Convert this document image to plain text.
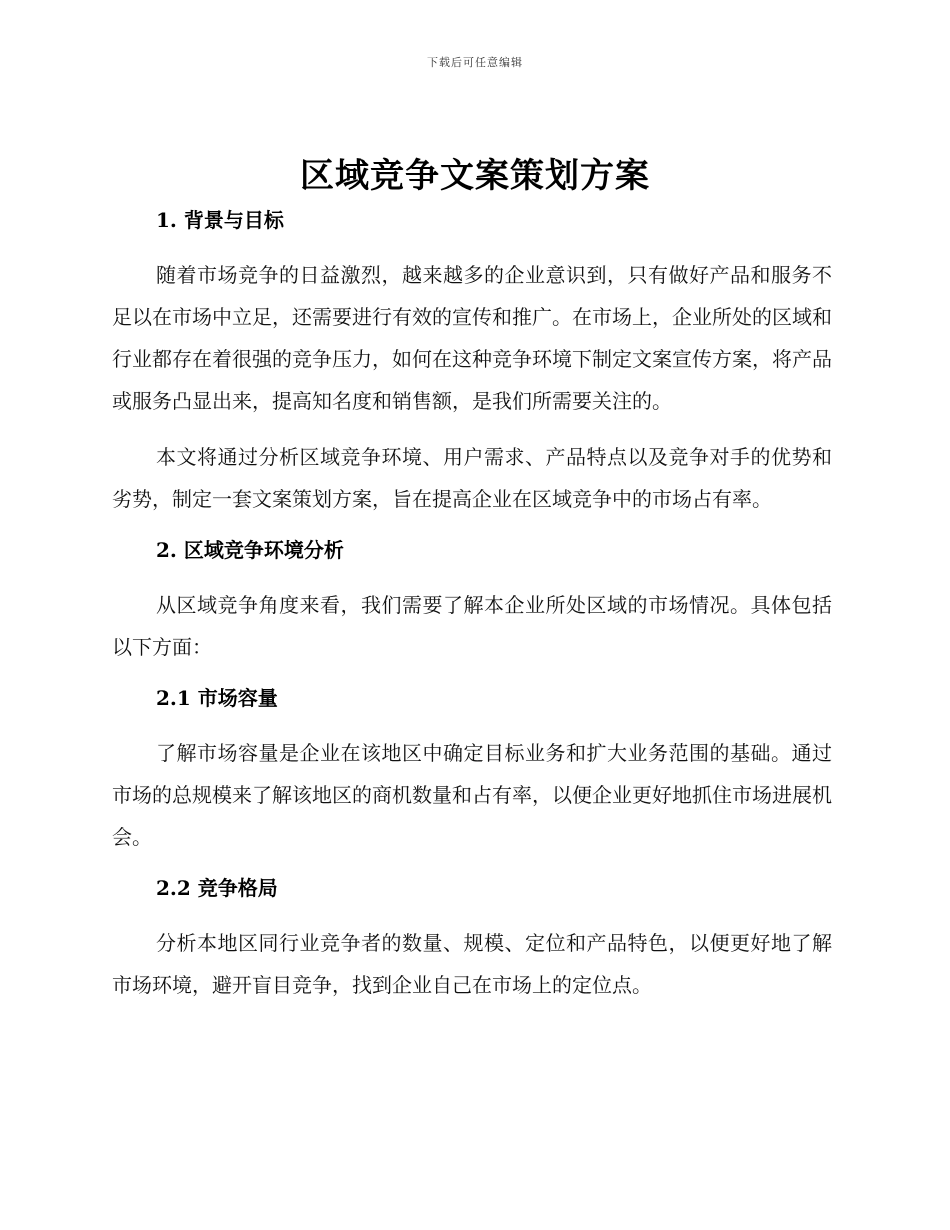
下载后可任意编辑
区域竞争文案策划方案
1. 背景与目标

随着市场竞争的日益激烈，越来越多的企业意识到，只有做好产品和服务不足以在市场中立足，还需要进行有效的宣传和推广。在市场上，企业所处的区域和行业都存在着很强的竞争压力，如何在这种竞争环境下制定文案宣传方案，将产品或服务凸显出来，提高知名度和销售额，是我们所需要关注的。

本文将通过分析区域竞争环境、用户需求、产品特点以及竞争对手的优势和劣势，制定一套文案策划方案，旨在提高企业在区域竞争中的市场占有率。

2. 区域竞争环境分析

从区域竞争角度来看，我们需要了解本企业所处区域的市场情况。具体包括以下方面：

2.1 市场容量

了解市场容量是企业在该地区中确定目标业务和扩大业务范围的基础。通过市场的总规模来了解该地区的商机数量和占有率，以便企业更好地抓住市场进展机会。

2.2 竞争格局

分析本地区同行业竞争者的数量、规模、定位和产品特色，以便更好地了解市场环境，避开盲目竞争，找到企业自己在市场上的定位点。
